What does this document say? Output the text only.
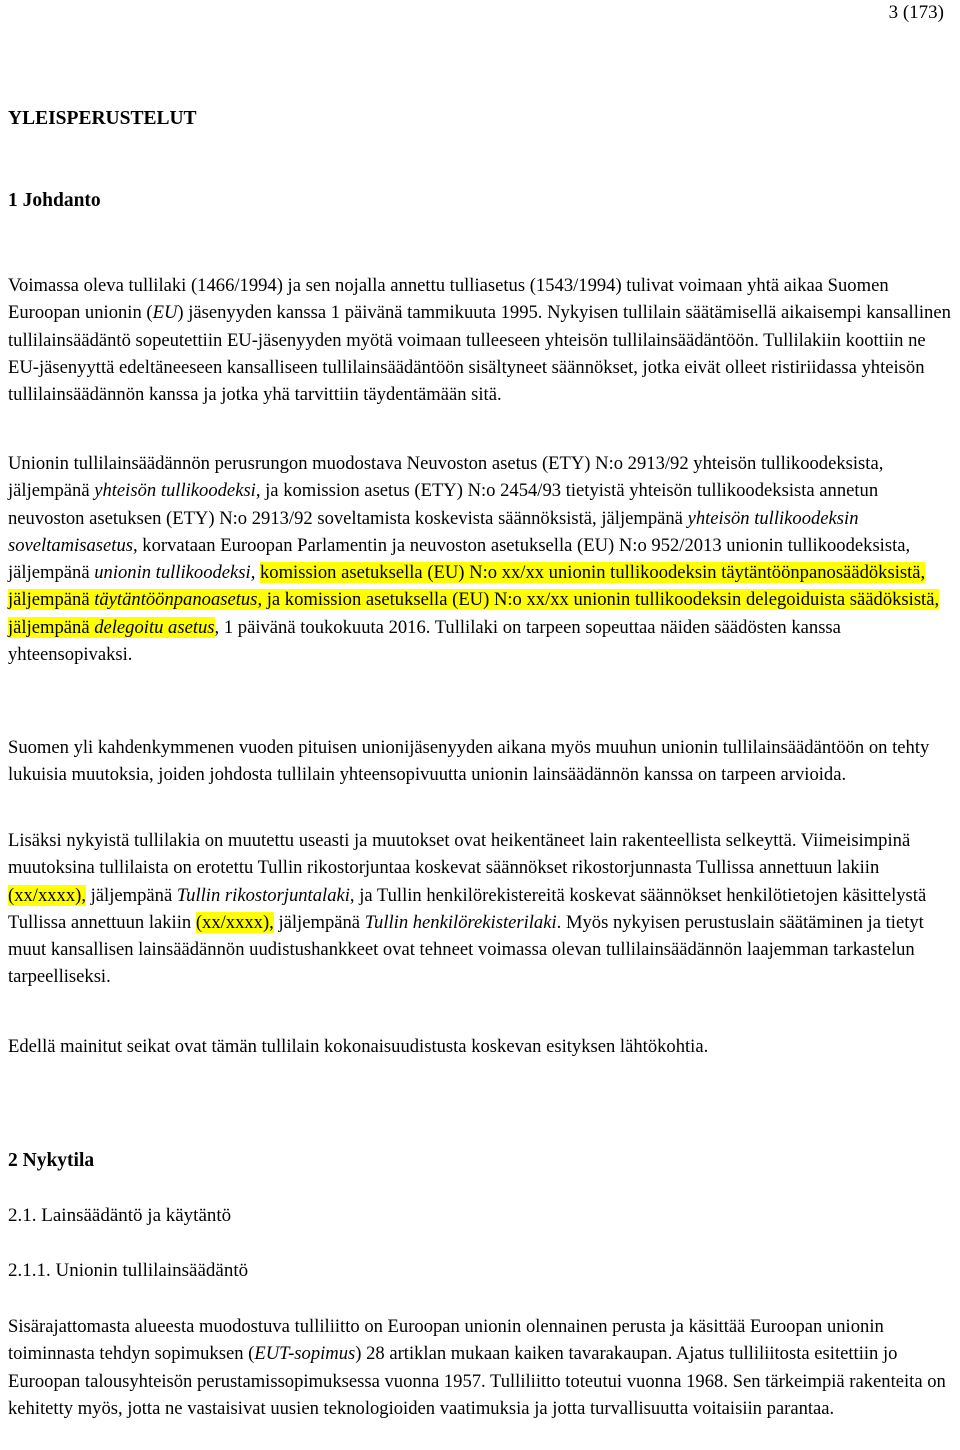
3 (173)
YLEISPERUSTELUT
1 Johdanto

Voimassa oleva tullilaki (1466/1994) ja sen nojalla annettu tulliasetus (1543/1994) tulivat voimaan yhtä aikaa Suomen Euroopan unionin (EU) jäsenyyden kanssa 1 päivänä tammikuuta 1995. Nykyisen tullilain säätämisellä aikaisempi kansallinen tullilainsäädäntö sopeutettiin EU-jäsenyyden myötä voimaan tulleeseen yhteisön tullilainsäädäntöön. Tullilakiin koottiin ne EU-jäsenyyttä edeltäneeseen kansalliseen tullilainsäädäntöön sisältyneet säännökset, jotka eivät olleet ristiriidassa yhteisön tullilainsäädännön kanssa ja jotka yhä tarvittiin täydentämään sitä.

Unionin tullilainsäädännön perusrungon muodostava Neuvoston asetus (ETY) N:o 2913/92 yhteisön tullikoodeksista, jäljempänä yhteisön tullikoodeksi, ja komission asetus (ETY) N:o 2454/93 tietyistä yhteisön tullikoodeksista annetun neuvoston asetuksen (ETY) N:o 2913/92 soveltamista koskevista säännöksistä, jäljempänä yhteisön tullikoodeksin soveltamisasetus, korvataan Euroopan Parlamentin ja neuvoston asetuksella (EU) N:o 952/2013 unionin tullikoodeksista, jäljempänä unionin tullikoodeksi, komission asetuksella (EU) N:o xx/xx unionin tullikoodeksin täytäntöönpanosäädöksistä, jäljempänä täytäntöönpanoasetus, ja komission asetuksella (EU) N:o xx/xx unionin tullikoodeksin delegoiduista säädöksistä, jäljempänä delegoitu asetus, 1 päivänä toukokuuta 2016. Tullilaki on tarpeen sopeuttaa näiden säädösten kanssa yhteensopivaksi.

Suomen yli kahdenkymmenen vuoden pituisen unionijäsenyyden aikana myös muuhun unionin tullilainsäädäntöön on tehty lukuisia muutoksia, joiden johdosta tullilain yhteensopivuutta unionin lainsäädännön kanssa on tarpeen arvioida.

Lisäksi nykyistä tullilakia on muutettu useasti ja muutokset ovat heikentäneet lain rakenteellista selkeyttä. Viimeisimpinä muutoksina tullilaista on erotettu Tullin rikostorjuntaa koskevat säännökset rikostorjunnasta Tullissa annettuun lakiin (xx/xxxx), jäljempänä Tullin rikostorjuntalaki, ja Tullin henkilörekistereitä koskevat säännökset henkilötietojen käsittelystä Tullissa annettuun lakiin (xx/xxxx), jäljempänä Tullin henkilörekisterilaki. Myös nykyisen perustuslain säätäminen ja tietyt muut kansallisen lainsäädännön uudistushankkeet ovat tehneet voimassa olevan tullilainsäädännön laajemman tarkastelun tarpeelliseksi.

Edellä mainitut seikat ovat tämän tullilain kokonaisuudistusta koskevan esityksen lähtökohtia.

2 Nykytila
2.1. Lainsäädäntö ja käytäntö
2.1.1. Unionin tullilainsäädäntö

Sisärajattomasta alueesta muodostuva tulliliitto on Euroopan unionin olennainen perusta ja käsittää Euroopan unionin toiminnasta tehdyn sopimuksen (EUT-sopimus) 28 artiklan mukaan kaiken tavarakaupan. Ajatus tulliliitosta esitettiin jo Euroopan talousyhteisön perustamissopimuksessa vuonna 1957. Tulliliitto toteutui vuonna 1968. Sen tärkeimpiä rakenteita on kehitetty myös, jotta ne vastaisivat uusien teknologioiden vaatimuksia ja jotta turvallisuutta voitaisiin parantaa.
